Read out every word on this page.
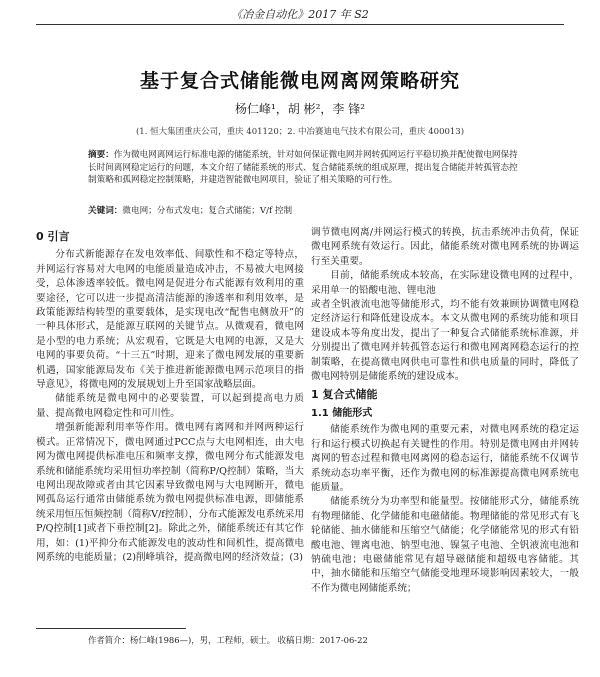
《冶金自动化》2017 年 S2
基于复合式储能微电网离网策略研究
杨仁峰¹，胡 彬²，李 锋²
(1. 恒大集团重庆公司，重庆 401120；2. 中冶赛迪电气技术有限公司，重庆 400013)
摘要：作为微电网离网运行标准电源的储能系统，针对如何保证微电网并网转孤网运行平稳切换并配使微电网保持长时间离网稳定运行的问题，本文介绍了储能系统的形式、复合储能系统的组成原理，提出复合储能并转孤管态控制策略和孤网稳定控制策略，并建造智能微电网项目，验证了相关策略的可行性。
关键词：微电网；分布式发电；复合式储能；V/f 控制
0 引言

分布式新能源存在发电效率低、间歇性和不稳定等特点，并网运行容易对大电网的电能质量造成冲击，不易被大电网接受，总体渗透率较低。微电网是促进分布式能源有效利用的重要途径，它可以进一步提高清洁能源的渗透率和利用效率，是政策能源结构转型的重要载体，是实现电改“配售电侧放开”的一种具体形式，是能源互联网的关键节点。从微观看，微电网是小型的电力系统；从宏观看，它既是大电网的电源，又是大电网的事要负荷。“十三五”时期，迎来了微电网发展的重要新机遇，国家能源局发布《关于推进新能源微电网示范项目的指导意见》，将微电网的发展规划上升至国家战略层面。

储能系统是微电网中的必要装置，可以起到提高电力质量、提高微电网稳定性和可川性。

增强新能源利用率等作用。微电网有离网和并网两种运行模式。正常情况下，微电网通过PCC点与大电网相连，由大电网为微电网提供标准电压和频率支撑，微电网分布式能源发电系统和储能系统均采用恒功率控制（简称P/Q控制）策略，当大电网出现故障或者由其它因素导致微电网与大电网断开，微电网孤岛运行通常由储能系统为微电网提供标准电源，即储能系统采用恒压恒频控制（简称V/f控制），分布式能源发电系统采用P/Q控制[1]或者下垂控制[2]。除此之外，储能系统还有其它作用，如：(1)平抑分布式能源发电的波动性和间机性，提高微电网系统的电能质量；(2)削峰填谷，提高微电网的经济效益；(3)

调节微电网离/并网运行模式的转换，抗击系统冲击负荷，保证微电网系统有效运行。因此，储能系统对微电网系统的协调运行至关重要。

目前，储能系统成本较高，在实际建设微电网的过程中，采用单一的铅酸电池、锂电池

或者全钒液流电池等储能形式，均不能有效兼顾协调微电网稳定经济运行和降低建设成本。本文从微电网的系统功能和项目建设成本等角度出发，提出了一种复合式储能系统标准源，并分别提出了微电网并转孤管态运行和微电网离网稳态运行的控制策略，在提高微电网供电可靠性和供电质量的同时，降低了微电网特别是储能系统的建设成本。

1 复合式储能
1.1 储能形式

储能系统作为微电网的重要元素，对微电网系统的稳定运行和运行模式切换起有关键性的作用。特别是微电网由并网转离网的暂态过程和微电网离网的稳态运行，储能系统不仅调节系统动态功率平衡，还作为微电网的标准源提高微电网系统电能质量。

储能系统分为功率型和能量型。按储能形式分，储能系统有物理储能、化学储能和电磁储能。物理储能的常见形式有飞轮储能、抽水储能和压缩空气储能；化学储能常见的形式有铅酸电池、锂离电池、钠型电池、镍氢子电池、全钒液流电池和钠硫电池；电磁储能常见有超导磁储能和超级电容储能。其中，抽水储能和压缩空气储能受地理环境影响因素较大，一般不作为微电网储能系统；

作者简介：杨仁峰(1986—)，男，工程师，硕士。 收稿日期：2017-06-22
